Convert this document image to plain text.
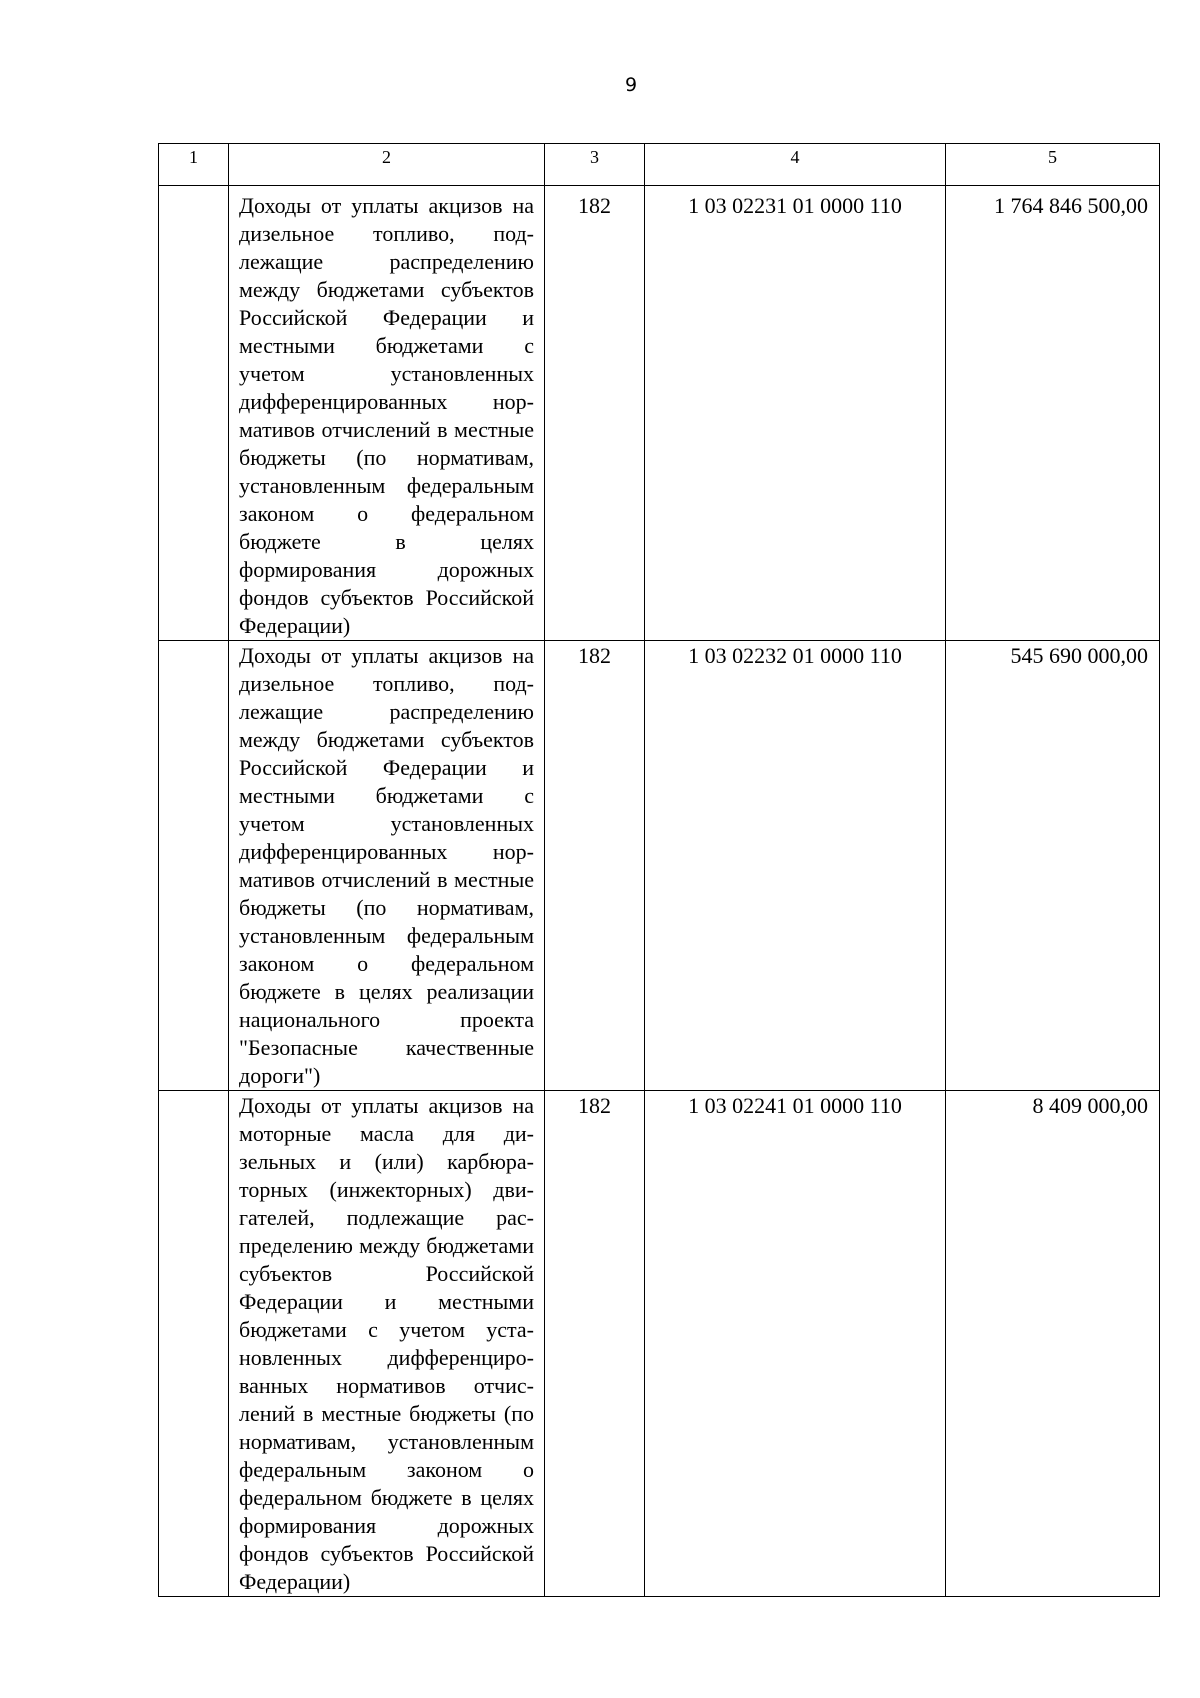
9
1	2	3	4	5
	Доходы от уплаты акцизов на дизельное топливо, подлежащие распределению между бюджетами субъектов Российской Федерации и местными бюджетами с учетом установленных дифференцированных нормативов отчислений в местные бюджеты (по нормативам, установленным федеральным законом о федеральном бюджете в целях формирования дорожных фондов субъектов Российской Федерации)	182	1 03 02231 01 0000 110	1 764 846 500,00
	Доходы от уплаты акцизов на дизельное топливо, подлежащие распределению между бюджетами субъектов Российской Федерации и местными бюджетами с учетом установленных дифференцированных нормативов отчислений в местные бюджеты (по нормативам, установленным федеральным законом о федеральном бюджете в целях реализации национального проекта "Безопасные качественные дороги")	182	1 03 02232 01 0000 110	545 690 000,00
	Доходы от уплаты акцизов на моторные масла для дизельных и (или) карбюраторных (инжекторных) двигателей, подлежащие распределению между бюджетами субъектов Российской Федерации и местными бюджетами с учетом установленных дифференцированных нормативов отчислений в местные бюджеты (по нормативам, установленным федеральным законом о федеральном бюджете в целях формирования дорожных фондов субъектов Российской Федерации)	182	1 03 02241 01 0000 110	8 409 000,00
